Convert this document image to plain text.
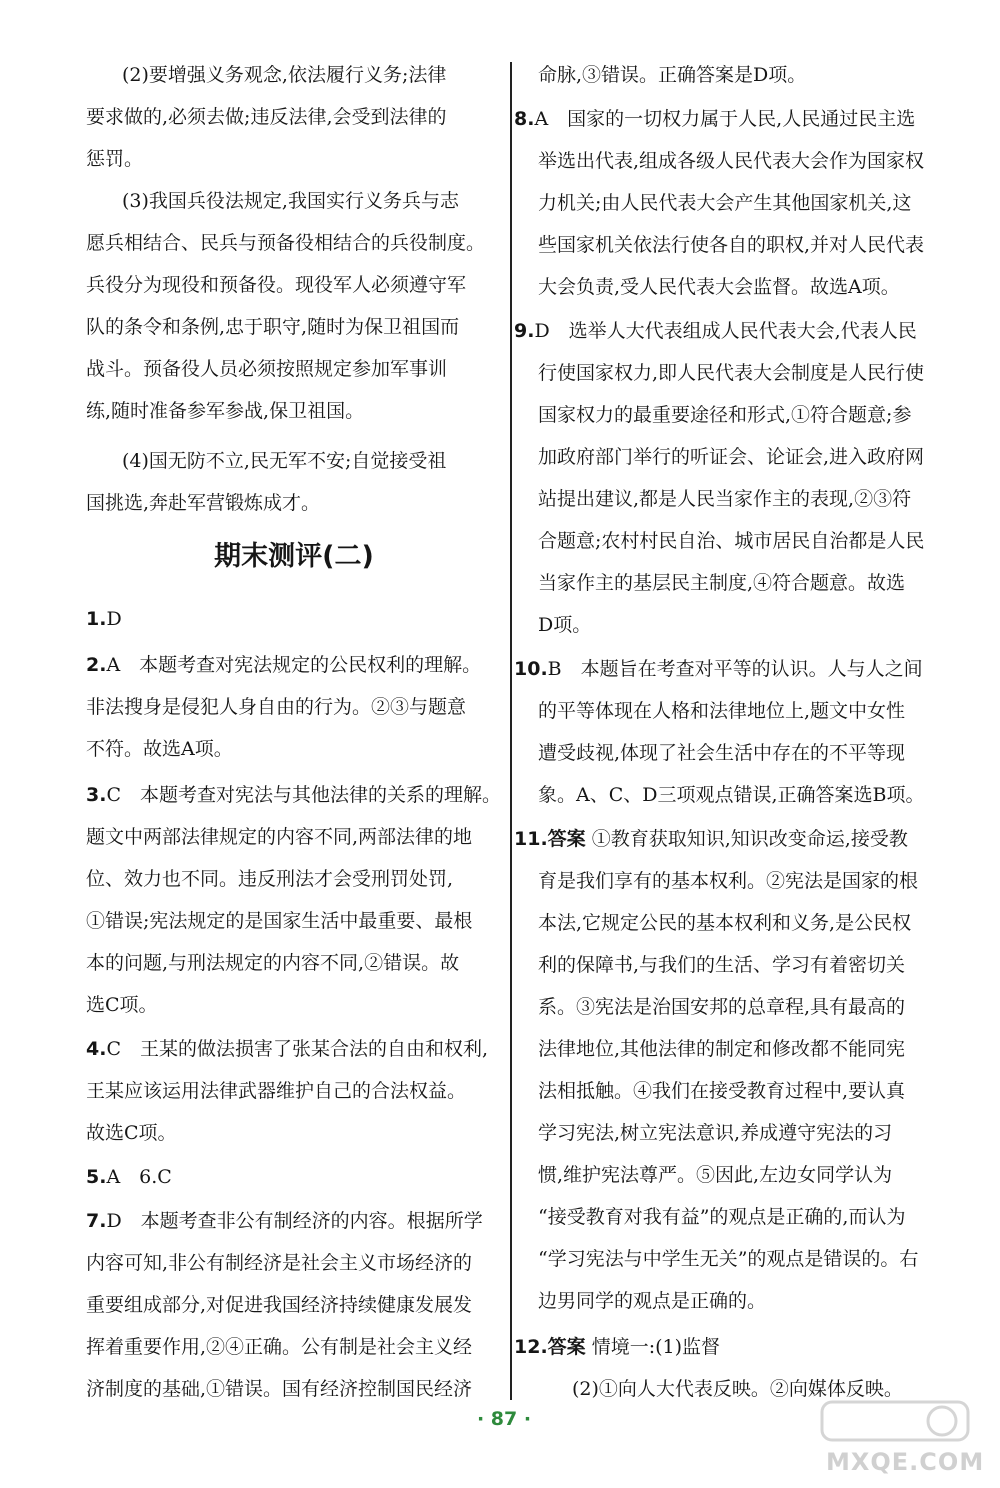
(2)要增强义务观念,依法履行义务;法律
要求做的,必须去做;违反法律,会受到法律的
惩罚。
(3)我国兵役法规定,我国实行义务兵与志
愿兵相结合、民兵与预备役相结合的兵役制度。
兵役分为现役和预备役。现役军人必须遵守军
队的条令和条例,忠于职守,随时为保卫祖国而
战斗。预备役人员必须按照规定参加军事训
练,随时准备参军参战,保卫祖国。
(4)国无防不立,民无军不安;自觉接受祖
国挑选,奔赴军营锻炼成才。
期末测评(二)
1.D
2.A　本题考查对宪法规定的公民权利的理解。
非法搜身是侵犯人身自由的行为。②③与题意
不符。故选A项。
3.C　本题考查对宪法与其他法律的关系的理解。
题文中两部法律规定的内容不同,两部法律的地
位、效力也不同。违反刑法才会受刑罚处罚,
①错误;宪法规定的是国家生活中最重要、最根
本的问题,与刑法规定的内容不同,②错误。故
选C项。
4.C　王某的做法损害了张某合法的自由和权利,
王某应该运用法律武器维护自己的合法权益。
故选C项。
5.A　6.C
7.D　本题考查非公有制经济的内容。根据所学
内容可知,非公有制经济是社会主义市场经济的
重要组成部分,对促进我国经济持续健康发展发
挥着重要作用,②④正确。公有制是社会主义经
济制度的基础,①错误。国有经济控制国民经济
命脉,③错误。正确答案是D项。
8.A　国家的一切权力属于人民,人民通过民主选
举选出代表,组成各级人民代表大会作为国家权
力机关;由人民代表大会产生其他国家机关,这
些国家机关依法行使各自的职权,并对人民代表
大会负责,受人民代表大会监督。故选A项。
9.D　选举人大代表组成人民代表大会,代表人民
行使国家权力,即人民代表大会制度是人民行使
国家权力的最重要途径和形式,①符合题意;参
加政府部门举行的听证会、论证会,进入政府网
站提出建议,都是人民当家作主的表现,②③符
合题意;农村村民自治、城市居民自治都是人民
当家作主的基层民主制度,④符合题意。故选
D项。
10.B　本题旨在考查对平等的认识。人与人之间
的平等体现在人格和法律地位上,题文中女性
遭受歧视,体现了社会生活中存在的不平等现
象。A、C、D三项观点错误,正确答案选B项。
11.答案 ①教育获取知识,知识改变命运,接受教
育是我们享有的基本权利。②宪法是国家的根
本法,它规定公民的基本权利和义务,是公民权
利的保障书,与我们的生活、学习有着密切关
系。③宪法是治国安邦的总章程,具有最高的
法律地位,其他法律的制定和修改都不能同宪
法相抵触。④我们在接受教育过程中,要认真
学习宪法,树立宪法意识,养成遵守宪法的习
惯,维护宪法尊严。⑤因此,左边女同学认为
“接受教育对我有益”的观点是正确的,而认为
“学习宪法与中学生无关”的观点是错误的。右
边男同学的观点是正确的。
12.答案 情境一:(1)监督
(2)①向人大代表反映。②向媒体反映。
· 87 ·
MXQE.COM
